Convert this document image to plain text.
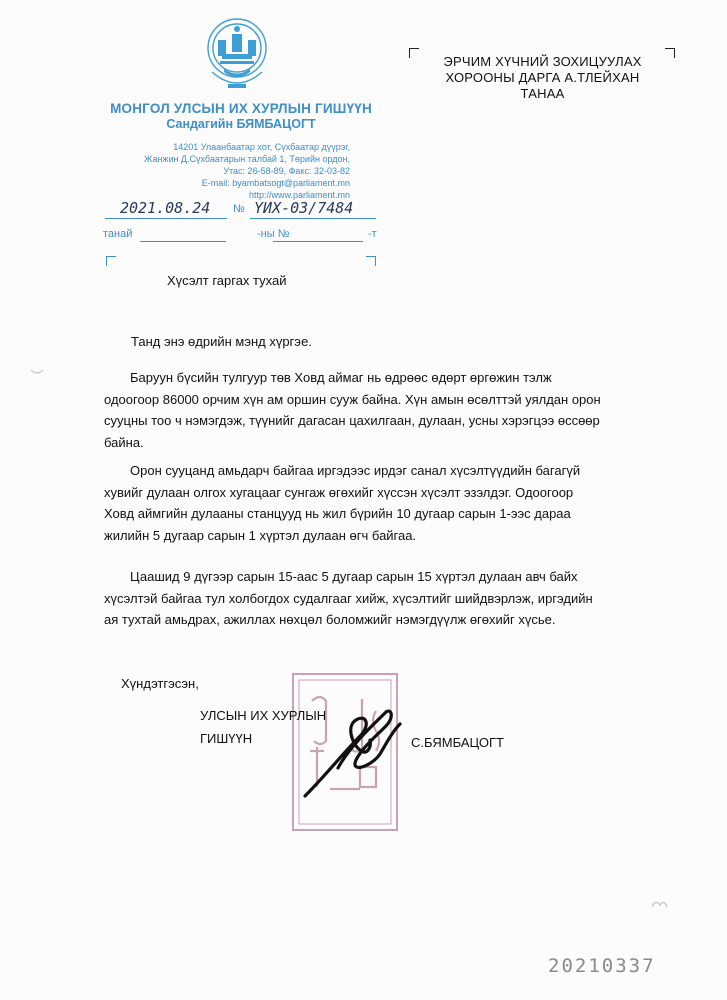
МОНГОЛ УЛСЫН ИХ ХУРЛЫН ГИШҮҮН
Сандагийн БЯМБАЦОГТ
14201 Улаанбаатар хот, Сүхбаатар дүүрэг,
Жанжин Д.Сүхбаатарын талбай 1, Төрийн ордон,
Утас: 26-58-89, Факс: 32-03-82
E-mail: byambatsogt@parliament.mn
http://www.parliament.mn
2021.08.24 № ҮИХ-03/7484
танай	-ны №	-т
Хүсэлт гаргах тухай
ЭРЧИМ ХҮЧНИЙ ЗОХИЦУУЛАХ
ХОРООНЫ ДАРГА А.ТЛЕЙХАН
ТАНАА
Танд энэ өдрийн мэнд хүргэе.
Баруун бүсийн тулгуур төв Ховд аймаг нь өдрөөс өдөрт өргөжин тэлж одоогоор 86000 орчим хүн ам оршин сууж байна. Хүн амын өсөлттэй уялдан орон сууцны тоо ч нэмэгдэж, түүнийг дагасан цахилгаан, дулаан, усны хэрэгцээ өссөөр байна.
Орон сууцанд амьдарч байгаа иргэдээс ирдэг санал хүсэлтүүдийн багагүй хувийг дулаан олгох хугацааг сунгаж өгөхийг хүссэн хүсэлт эзэлдэг. Одоогоор Ховд аймгийн дулааны станцууд нь жил бүрийн 10 дугаар сарын 1-ээс дараа жилийн 5 дугаар сарын 1 хүртэл дулаан өгч байгаа.
Цаашид 9 дүгээр сарын 15-аас 5 дугаар сарын 15 хүртэл дулаан авч байх хүсэлтэй байгаа тул холбогдох судалгааг хийж, хүсэлтийг шийдвэрлэж, иргэдийн ая тухтай амьдрах, ажиллах нөхцөл боломжийг нэмэгдүүлж өгөхийг хүсье.
Хүндэтгэсэн,
УЛСЫН ИХ ХУРЛЫН
ГИШҮҮН	С.БЯМБАЦОГТ
20210337
